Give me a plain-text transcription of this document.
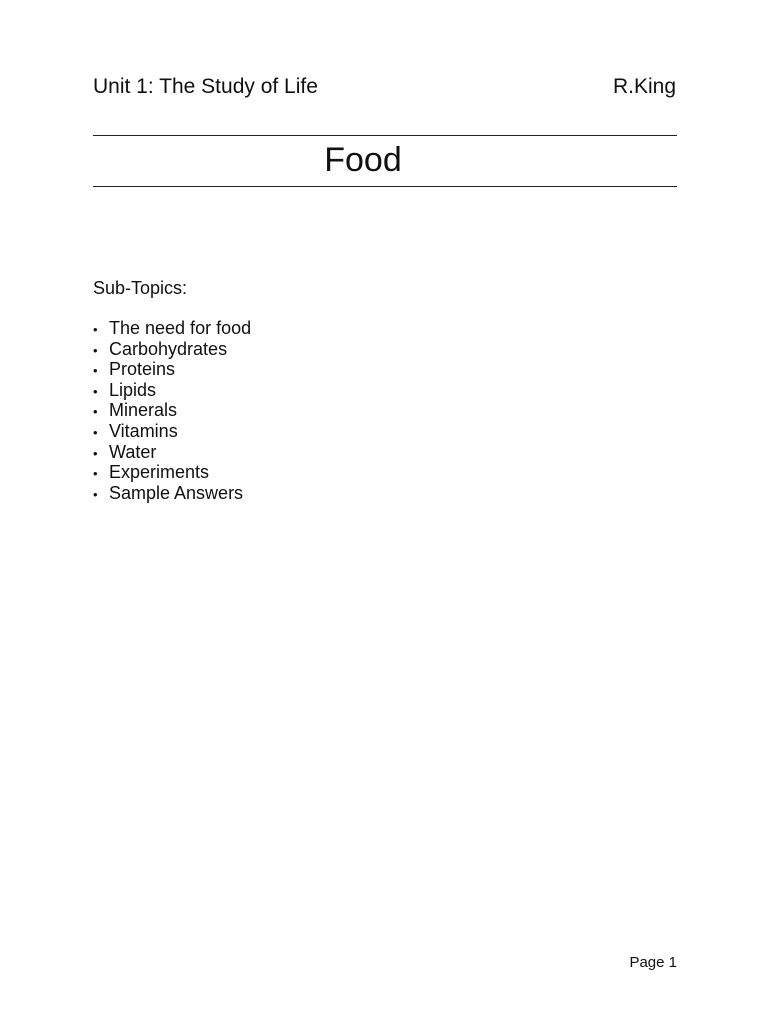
Unit 1: The Study of Life	R.King
Food
Sub-Topics:
• The need for food
• Carbohydrates
• Proteins
• Lipids
• Minerals
• Vitamins
• Water
• Experiments
• Sample Answers
Page 1
